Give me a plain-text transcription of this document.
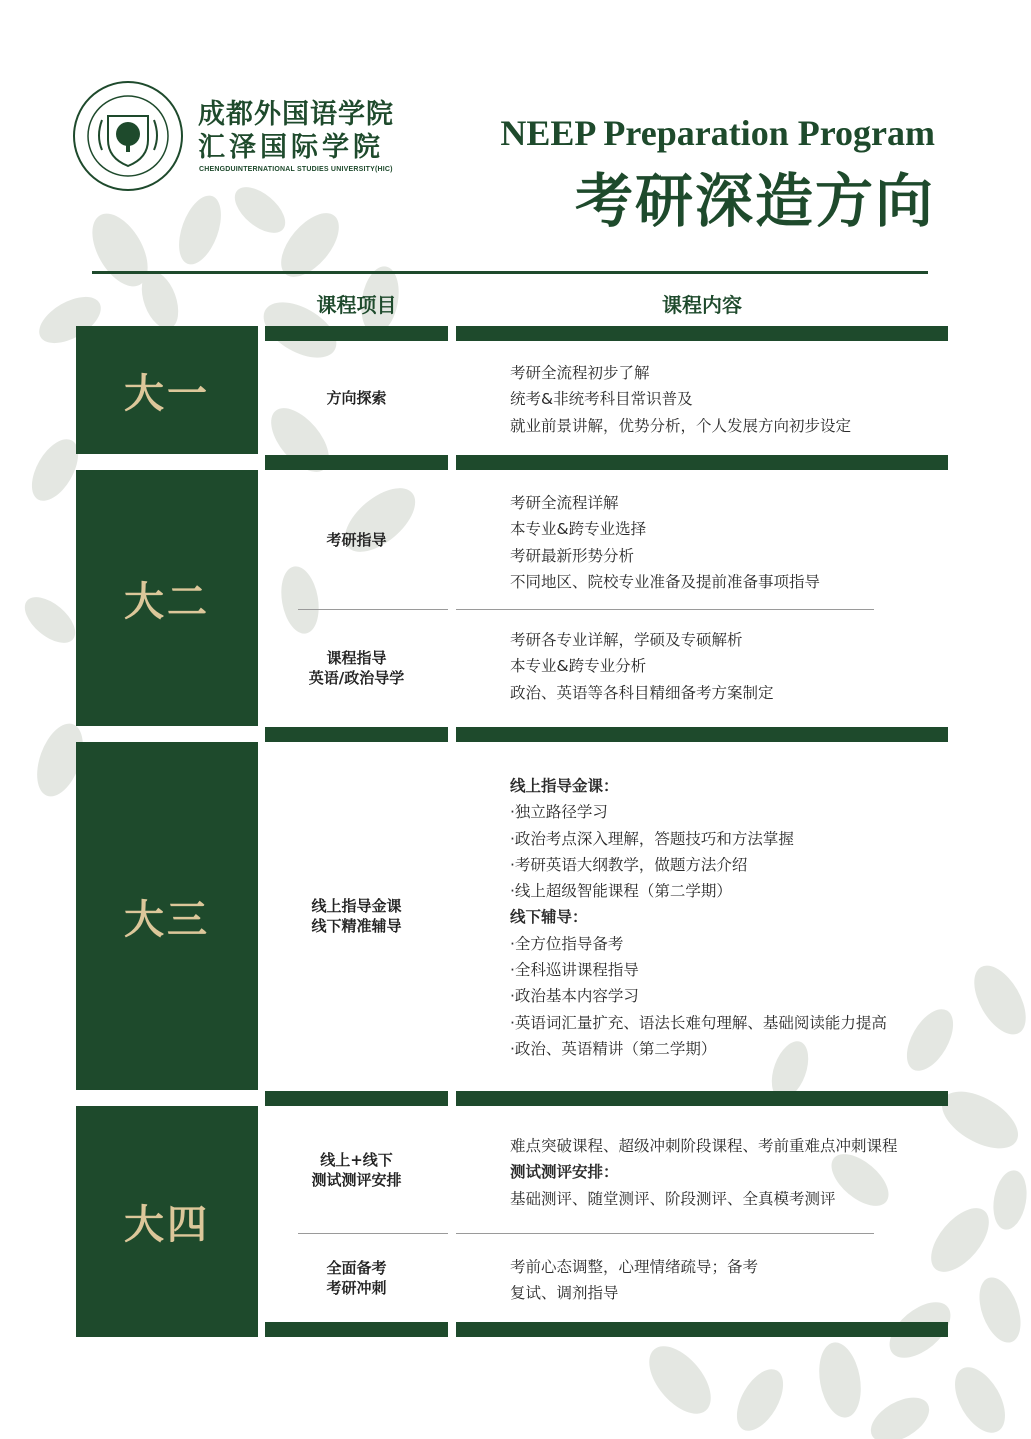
成都外国语学院
汇泽国际学院
CHENGDUINTERNATIONAL STUDIES UNIVERSITY(HIC)
NEEP Preparation Program
考研深造方向
课程项目	课程内容
大一
大二
大三
大四
方向探索
考研全流程初步了解
统考&非统考科目常识普及
就业前景讲解，优势分析，个人发展方向初步设定
考研指导
考研全流程详解
本专业&跨专业选择
考研最新形势分析
不同地区、院校专业准备及提前准备事项指导
课程指导
英语/政治导学
考研各专业详解，学硕及专硕解析
本专业&跨专业分析
政治、英语等各科目精细备考方案制定
线上指导金课
线下精准辅导
线上指导金课：
·独立路径学习
·政治考点深入理解，答题技巧和方法掌握
·考研英语大纲教学，做题方法介绍
·线上超级智能课程（第二学期）
线下辅导：
·全方位指导备考
·全科巡讲课程指导
·政治基本内容学习
·英语词汇量扩充、语法长难句理解、基础阅读能力提高
·政治、英语精讲（第二学期）
线上+线下
测试测评安排
难点突破课程、超级冲刺阶段课程、考前重难点冲刺课程
测试测评安排：
基础测评、随堂测评、阶段测评、全真模考测评
全面备考
考研冲刺
考前心态调整，心理情绪疏导；备考
复试、调剂指导
